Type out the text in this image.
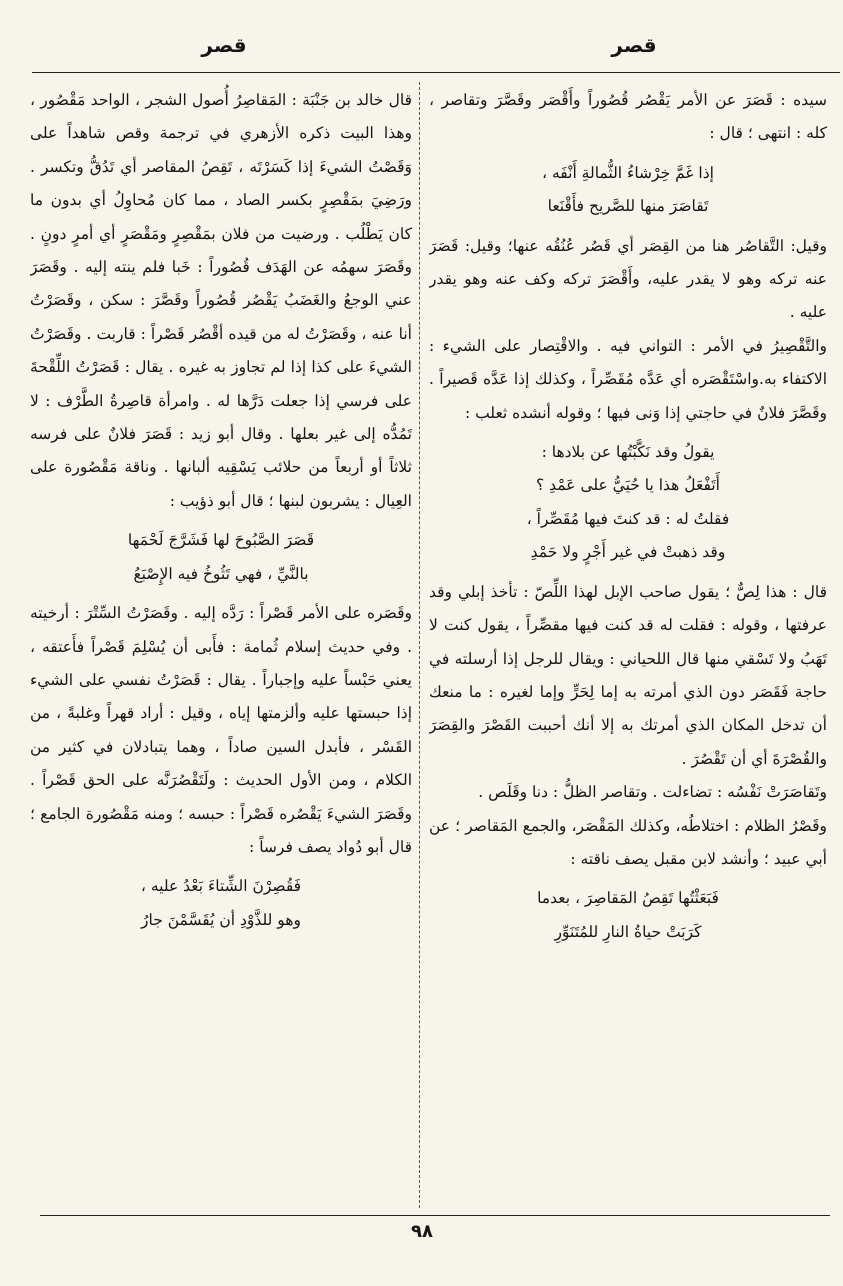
قصر
قصر

سيده : قَصَرَ عن الأمر يَقْصُر قُصُوراً وأَقْصَر وقَصَّرَ وتقاصر ، كله : انتهى ؛ قال :

إذا غَمَّ خِرْشاءُ الثُّمالةِ أَنْفَه ،
تَقاصَرَ منها للصَّريح فأَقْنَعا

وقيل: التَّقاصُر هنا من القِصَر أي قَصُر عُنُقُه عنها؛ وقيل: قَصَرَ عنه تركه وهو لا يقدر عليه، وأَقْصَرَ تركه وكف عنه وهو يقدر عليه .

والتَّقْصِيرُ في الأمر : التواني فيه . والاقْتِصار على الشيء : الاكتفاء به.واسْتَقْصَره أي عَدَّه مُقَصِّراً ، وكذلك إذا عَدَّه قَصيراً . وقَصَّرَ فلانٌ في حاجتي إذا وَنى فيها ؛ وقوله أنشده ثعلب :

يقولُ وقد نَكَّبْتُها عن بلادها :
أَتَفْعَلُ هذا يا حُيَيُّ على عَمْدِ ؟
فقلتُ له : قد كنتَ فيها مُقَصِّراً ،
وقد ذهبتْ في غير أَجْرٍ ولا حَمْدِ

قال : هذا لِصٌّ ؛ يقول صاحب الإبل لهذا اللِّصّ : تأخذ إبلي وقد عرفتها ، وقوله : فقلت له قد كنت فيها مقصِّراً ، يقول كنت لا تَهَبُ ولا تَسْقي منها قال اللحياني : ويقال للرجل إذا أرسلته في حاجة فَقَصَر دون الذي أمرته به إما لِحَرٍّ وإما لغيره : ما منعك أن تدخل المكان الذي أمرتك به إلا أنك أحببت القَصْرَ والقِصَرَ والقُصْرَةَ أي أن تَقْصُرَ .

وتَقاصَرَتْ نَفْسُه : تضاءلت . وتقاصر الظلُّ : دنا وقَلَص .

وقَصْرُ الظلام : اختلاطُه، وكذلك المَقْصَر، والجمع المَقاصر ؛ عن أبي عبيد ؛ وأنشد لابن مقبل يصف ناقته :

فَبَعَثْتُها تَقِصُ المَقاصِرَ ، بعدما
كَرَبَتْ حياةُ النارِ للمُتَنَوِّرِ

قال خالد بن جَنْبَة : المَقاصِرُ أُصول الشجر ، الواحد مَقْصُور ، وهذا البيت ذكره الأزهري في ترجمة وقص شاهداً على وَقَصْتُ الشيءَ إذا كَسَرْتَه ، تَقِصُ المقاصر أي تَدُقُّ وتكسر . ورَضِيَ بمَقْصِرٍ بكسر الصاد ، مما كان مُحاوِلُ أي بدون ما كان يَطْلُب . ورضيت من فلان بمَقْصِرٍ ومَقْصَرٍ أي أمرٍ دونٍ . وقَصَرَ سهمُه عن الهَدَف قُصُوراً : خَبا فلم ينته إليه . وقَصَرَ عني الوجعُ والغَضَبُ يَقْصُر قُصُوراً وقَصَّرَ : سكن ، وقَصَرْتُ أنا عنه ، وقَصَرْتُ له من قيده أقْصُر قَصْراً : قاربت . وقَصَرْتُ الشيءَ على كذا إذا لم تجاوز به غيره . يقال : قَصَرْتُ اللِّقْحةَ على فرسي إذا جعلت دَرَّها له . وامرأة قاصِرةُ الطَّرْف : لا تَمُدُّه إلى غير بعلها . وقال أبو زيد : قَصَرَ فلانٌ على فرسه ثلاثاً أو أربعاً من حلائب يَسْقِيه ألبانها . وناقة مَقْصُورة على العِيال : يشربون لبنها ؛ قال أبو ذؤيب :

قَصَرَ الصَّبُوحَ لها فَشَرَّجَ لَحْمَها
بالنَّيِّ ، فهي تَثُوخُ فيه الإِصْبَعُ

وقَصَره على الأمر قَصْراً : رَدَّه إليه . وقَصَرْتُ السِّتْرَ : أرخيته . وفي حديث إسلام ثُمامة : فأَبى أن يُسْلِمَ قَصْراً فأَعتقه ، يعني حَبْساً عليه وإجباراً . يقال : قَصَرْتُ نفسي على الشيء إذا حبستها عليه وألزمتها إياه ، وقيل : أراد قهراً وغلبةً ، من القَسْر ، فأبدل السين صاداً ، وهما يتبادلان في كثير من الكلام ، ومن الأول الحديث : ولَتَقْصُرَنَّه على الحق قَصْراً . وقَصَرَ الشيءَ يَقْصُره قَصْراً : حبسه ؛ ومنه مَقْصُورة الجامع ؛ قال أبو دُواد يصف فرساً :

فَقُصِرْنَ الشِّتاءَ بَعْدُ عليه ،
وهو للذَّوْدِ أن يُقَسَّمْنَ جارُ
٩٨
